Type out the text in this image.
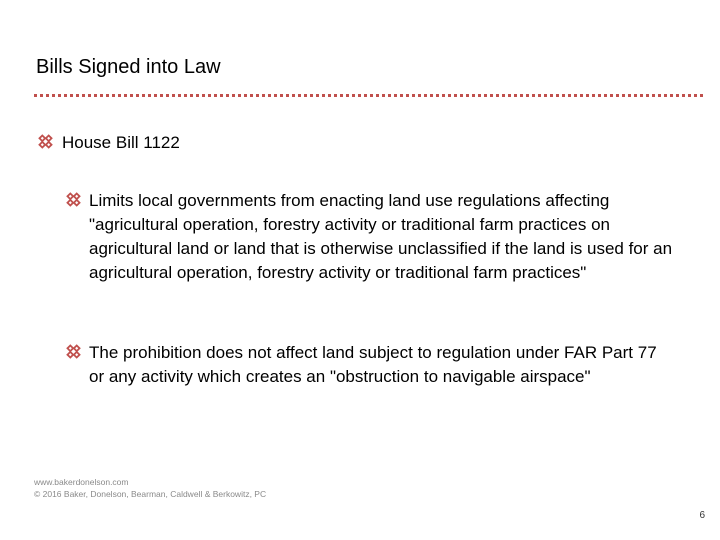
Bills Signed into Law

House Bill 1122

Limits local governments from enacting land use regulations affecting "agricultural operation, forestry activity or traditional farm practices on agricultural land or land that is otherwise unclassified if the land is used for an agricultural operation, forestry activity or traditional farm practices"

The prohibition does not affect land subject to regulation under FAR Part 77 or any activity which creates an "obstruction to navigable airspace"

www.bakerdonelson.com
© 2016 Baker, Donelson, Bearman, Caldwell & Berkowitz, PC
6
